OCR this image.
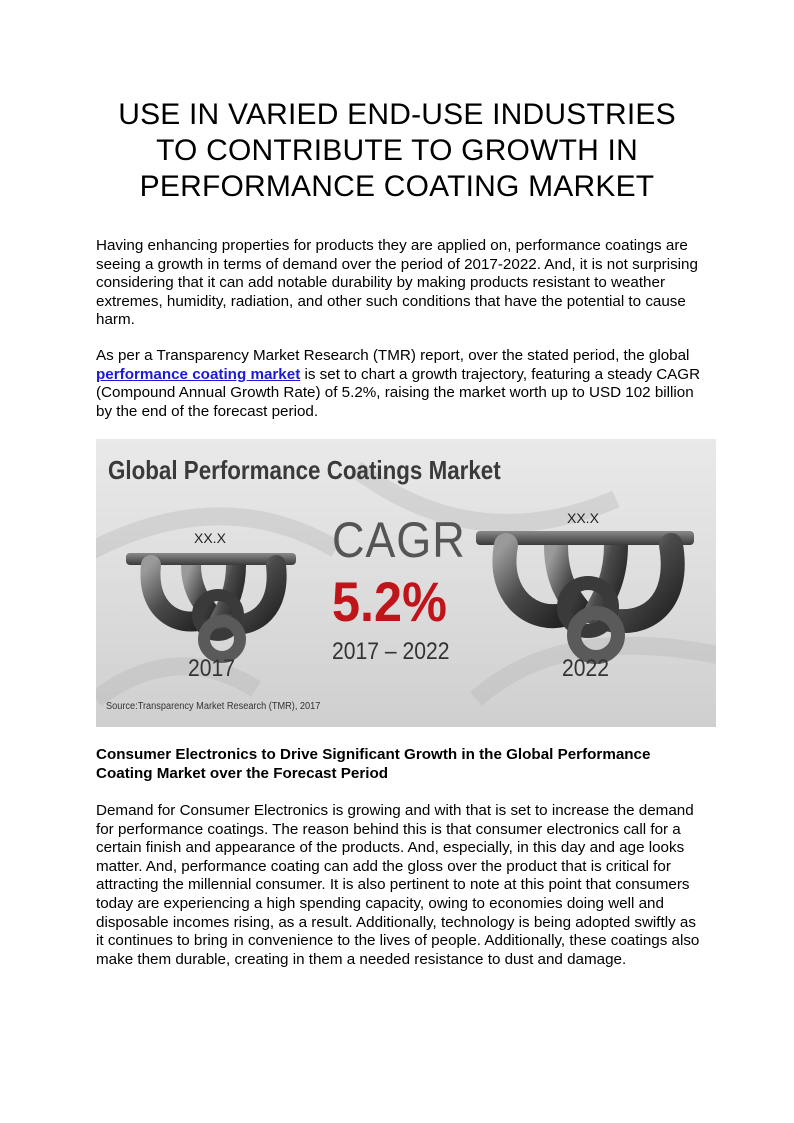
USE IN VARIED END-USE INDUSTRIES TO CONTRIBUTE TO GROWTH IN PERFORMANCE COATING MARKET

Having enhancing properties for products they are applied on, performance coatings are seeing a growth in terms of demand over the period of 2017-2022. And, it is not surprising considering that it can add notable durability by making products resistant to weather extremes, humidity, radiation, and other such conditions that have the potential to cause harm.

As per a Transparency Market Research (TMR) report, over the stated period, the global performance coating market is set to chart a growth trajectory, featuring a steady CAGR (Compound Annual Growth Rate) of 5.2%, raising the market worth up to USD 102 billion by the end of the forecast period.

Global Performance Coatings Market
CAGR
5.2%
2017 – 2022
XX.X
2017
XX.X
2022
Source:Transparency Market Research (TMR), 2017
Consumer Electronics to Drive Significant Growth in the Global Performance Coating Market over the Forecast Period

Demand for Consumer Electronics is growing and with that is set to increase the demand for performance coatings. The reason behind this is that consumer electronics call for a certain finish and appearance of the products. And, especially, in this day and age looks matter. And, performance coating can add the gloss over the product that is critical for attracting the millennial consumer. It is also pertinent to note at this point that consumers today are experiencing a high spending capacity, owing to economies doing well and disposable incomes rising, as a result. Additionally, technology is being adopted swiftly as it continues to bring in convenience to the lives of people. Additionally, these coatings also make them durable, creating in them a needed resistance to dust and damage.
